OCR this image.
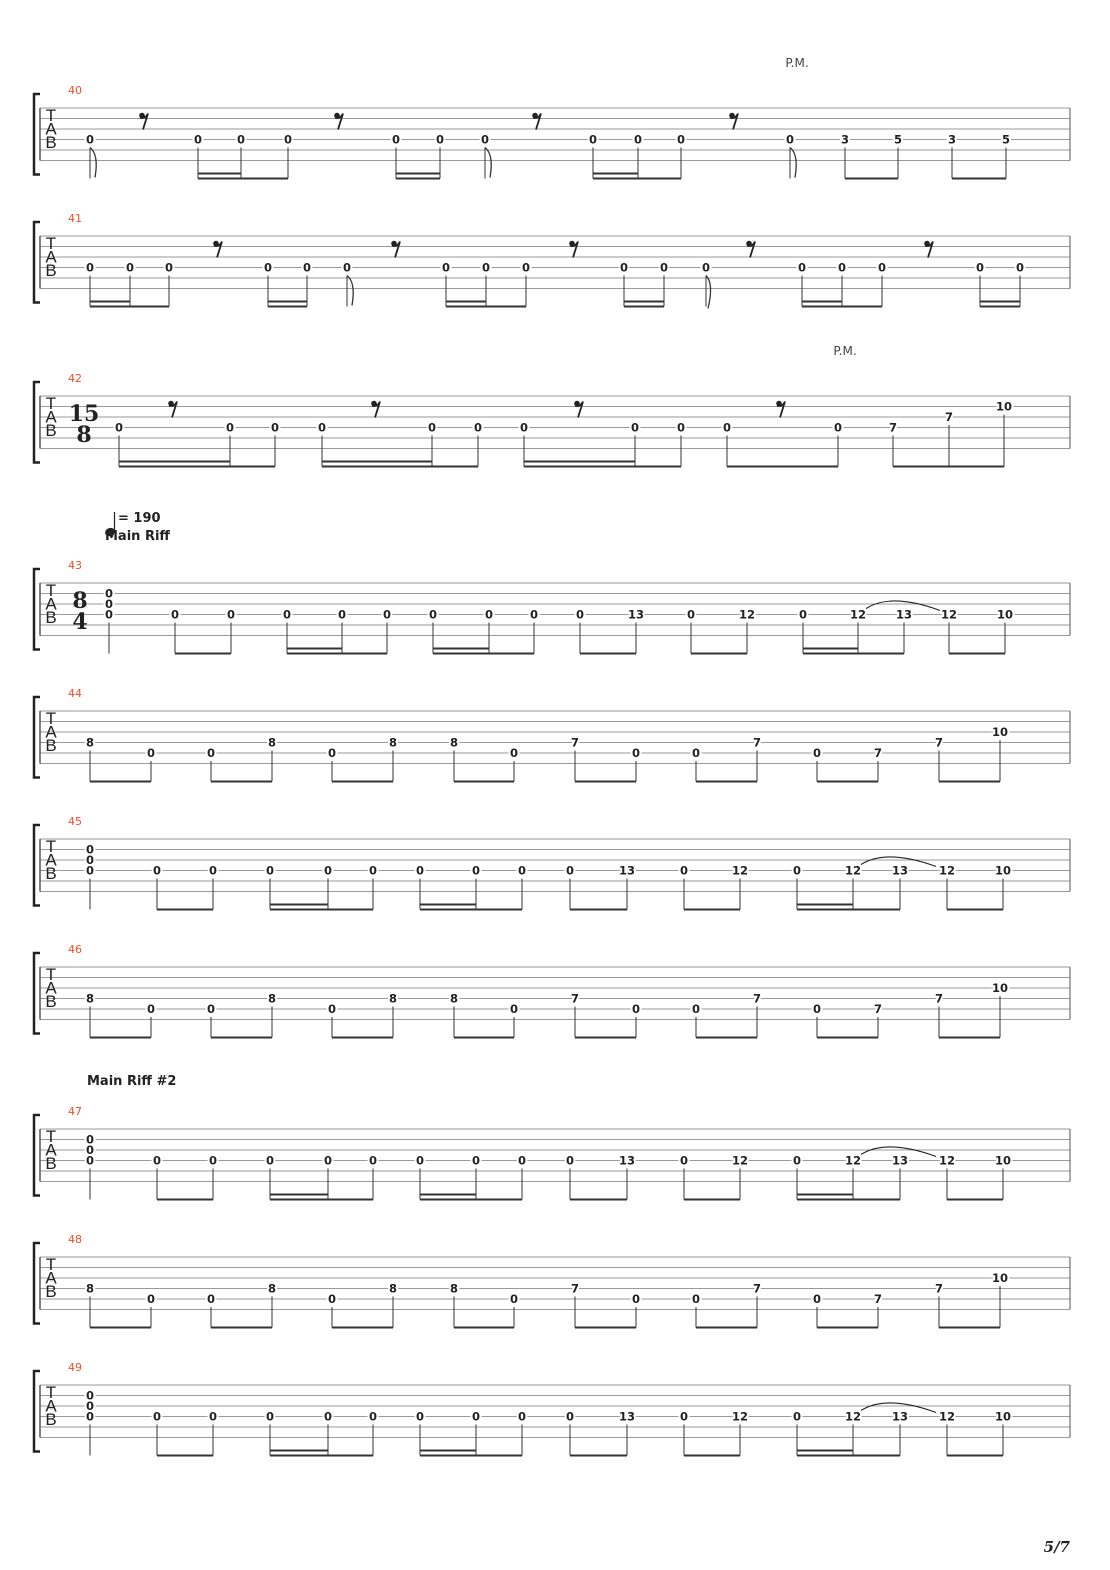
T
A
B
40
P.M.
0	0	0	0	0	0	0	0	0	0	0	3	5	3	5
T
A
B
41
0	0	0	0	0	0	0	0	0	0	0	0	0	0	0	0	0
T
A
B
42
P.M.
15
8 0	0	0	0	0	0	0	0	0	0	0	7
7
10
T
A
B
43
= 190
Main Riff
8
4
0
0
0	0	0	0	0	0	0	0	0	0	13	0	12	0	12	13	12	10
T
A
B
44
8
0	0
8
0
8	8
0
7
0	0
7
0	7
7
10
T
A
B
45
0
0
0	0	0	0	0	0	0	0	0	0	13	0	12	0	12	13	12	10
T
A
B
46
8
0	0
8
0
8	8
0
7
0	0
7
0	7
7
10
T
A
B
47
Main Riff #2
0
0
0	0	0	0	0	0	0	0	0	0	13	0	12	0	12	13	12	10
T
A
B
48
8
0	0
8
0
8	8
0
7
0	0
7
0	7
7
10
T
A
B
49
0
0
0	0	0	0	0	0	0	0	0	0	13	0	12	0	12	13	12	10
5/7
